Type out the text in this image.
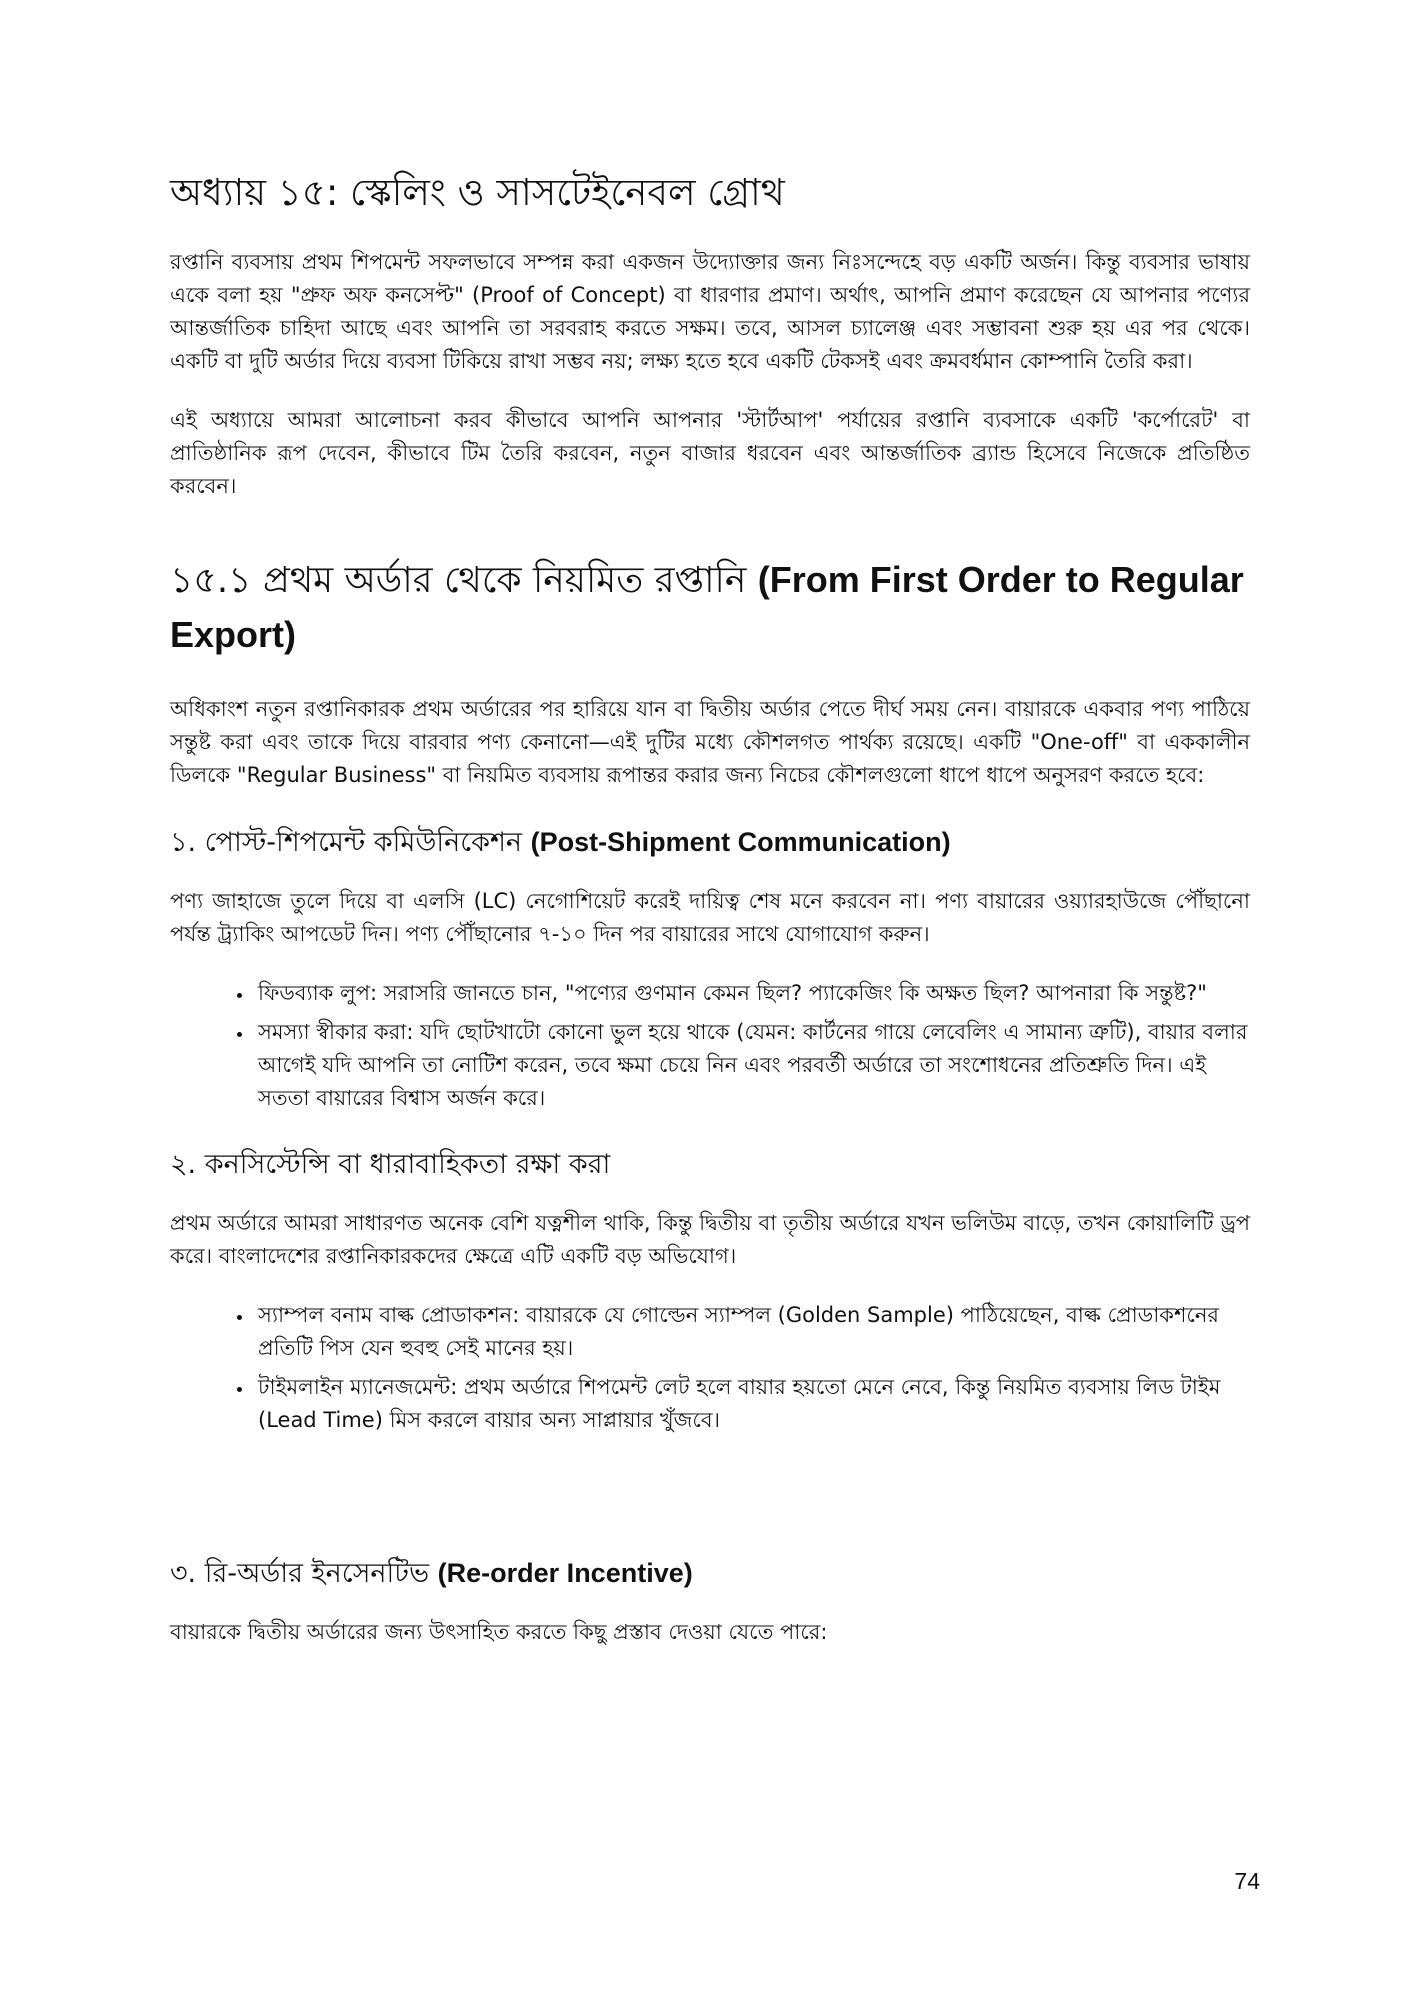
অধ্যায় ১৫: স্কেলিং ও সাসটেইনেবল গ্রোথ

রপ্তানি ব্যবসায় প্রথম শিপমেন্ট সফলভাবে সম্পন্ন করা একজন উদ্যোক্তার জন্য নিঃসন্দেহে বড় একটি অর্জন। কিন্তু ব্যবসার ভাষায় একে বলা হয় "প্রুফ অফ কনসেপ্ট" (Proof of Concept) বা ধারণার প্রমাণ। অর্থাৎ, আপনি প্রমাণ করেছেন যে আপনার পণ্যের আন্তর্জাতিক চাহিদা আছে এবং আপনি তা সরবরাহ করতে সক্ষম। তবে, আসল চ্যালেঞ্জ এবং সম্ভাবনা শুরু হয় এর পর থেকে। একটি বা দুটি অর্ডার দিয়ে ব্যবসা টিকিয়ে রাখা সম্ভব নয়; লক্ষ্য হতে হবে একটি টেকসই এবং ক্রমবর্ধমান কোম্পানি তৈরি করা।

এই অধ্যায়ে আমরা আলোচনা করব কীভাবে আপনি আপনার 'স্টার্টআপ' পর্যায়ের রপ্তানি ব্যবসাকে একটি 'কর্পোরেট' বা প্রাতিষ্ঠানিক রূপ দেবেন, কীভাবে টিম তৈরি করবেন, নতুন বাজার ধরবেন এবং আন্তর্জাতিক ব্র্যান্ড হিসেবে নিজেকে প্রতিষ্ঠিত করবেন।

১৫.১ প্রথম অর্ডার থেকে নিয়মিত রপ্তানি (From First Order to Regular Export)

অধিকাংশ নতুন রপ্তানিকারক প্রথম অর্ডারের পর হারিয়ে যান বা দ্বিতীয় অর্ডার পেতে দীর্ঘ সময় নেন। বায়ারকে একবার পণ্য পাঠিয়ে সন্তুষ্ট করা এবং তাকে দিয়ে বারবার পণ্য কেনানো—এই দুটির মধ্যে কৌশলগত পার্থক্য রয়েছে। একটি "One-off" বা এককালীন ডিলকে "Regular Business" বা নিয়মিত ব্যবসায় রূপান্তর করার জন্য নিচের কৌশলগুলো ধাপে ধাপে অনুসরণ করতে হবে:

১. পোস্ট-শিপমেন্ট কমিউনিকেশন (Post-Shipment Communication)

পণ্য জাহাজে তুলে দিয়ে বা এলসি (LC) নেগোশিয়েট করেই দায়িত্ব শেষ মনে করবেন না। পণ্য বায়ারের ওয়্যারহাউজে পৌঁছানো পর্যন্ত ট্র্যাকিং আপডেট দিন। পণ্য পৌঁছানোর ৭-১০ দিন পর বায়ারের সাথে যোগাযোগ করুন।

• ফিডব্যাক লুপ: সরাসরি জানতে চান, "পণ্যের গুণমান কেমন ছিল? প্যাকেজিং কি অক্ষত ছিল? আপনারা কি সন্তুষ্ট?"
• সমস্যা স্বীকার করা: যদি ছোটখাটো কোনো ভুল হয়ে থাকে (যেমন: কার্টনের গায়ে লেবেলিং এ সামান্য ত্রুটি), বায়ার বলার আগেই যদি আপনি তা নোটিশ করেন, তবে ক্ষমা চেয়ে নিন এবং পরবর্তী অর্ডারে তা সংশোধনের প্রতিশ্রুতি দিন। এই সততা বায়ারের বিশ্বাস অর্জন করে।
২. কনসিস্টেন্সি বা ধারাবাহিকতা রক্ষা করা

প্রথম অর্ডারে আমরা সাধারণত অনেক বেশি যত্নশীল থাকি, কিন্তু দ্বিতীয় বা তৃতীয় অর্ডারে যখন ভলিউম বাড়ে, তখন কোয়ালিটি ড্রপ করে। বাংলাদেশের রপ্তানিকারকদের ক্ষেত্রে এটি একটি বড় অভিযোগ।

• স্যাম্পল বনাম বাল্ক প্রোডাকশন: বায়ারকে যে গোল্ডেন স্যাম্পল (Golden Sample) পাঠিয়েছেন, বাল্ক প্রোডাকশনের প্রতিটি পিস যেন হুবহু সেই মানের হয়।
• টাইমলাইন ম্যানেজমেন্ট: প্রথম অর্ডারে শিপমেন্ট লেট হলে বায়ার হয়তো মেনে নেবে, কিন্তু নিয়মিত ব্যবসায় লিড টাইম (Lead Time) মিস করলে বায়ার অন্য সাপ্লায়ার খুঁজবে।
৩. রি-অর্ডার ইনসেনটিভ (Re-order Incentive)

বায়ারকে দ্বিতীয় অর্ডারের জন্য উৎসাহিত করতে কিছু প্রস্তাব দেওয়া যেতে পারে:

74
